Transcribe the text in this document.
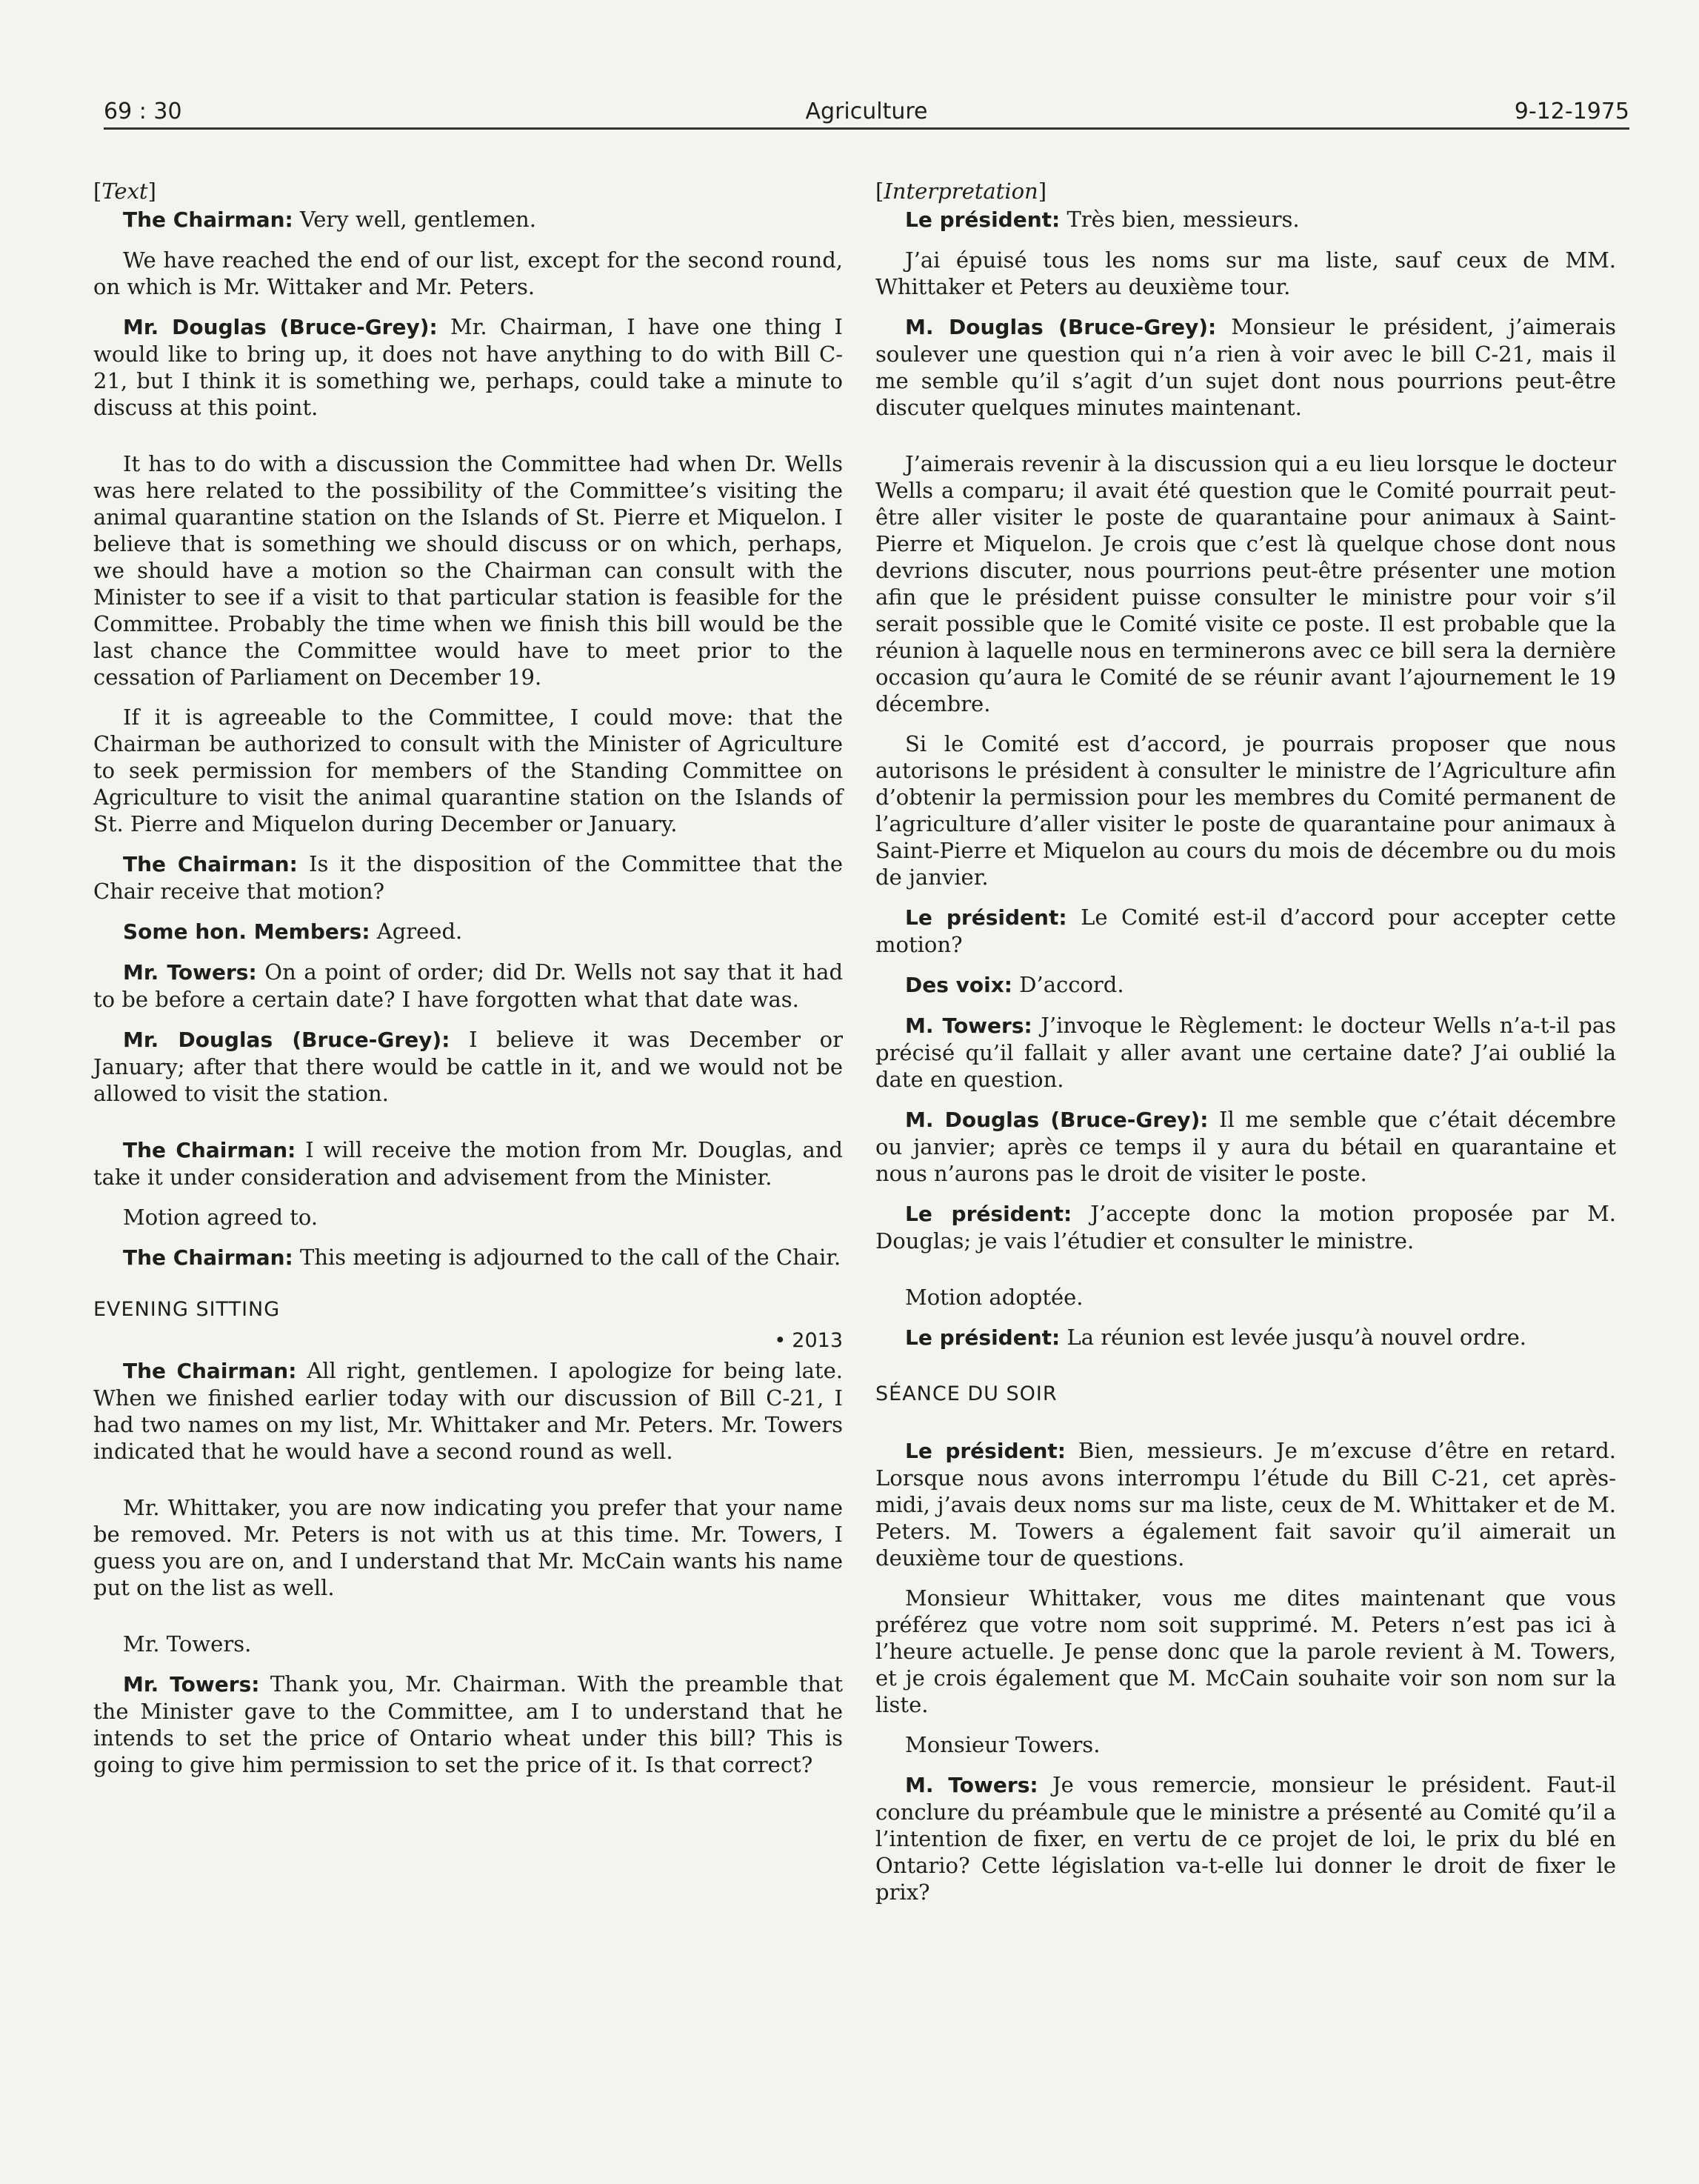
69 : 30	Agriculture	9-12-1975
[Text]

The Chairman: Very well, gentlemen.

We have reached the end of our list, except for the second round, on which is Mr. Wittaker and Mr. Peters.

Mr. Douglas (Bruce-Grey): Mr. Chairman, I have one thing I would like to bring up, it does not have anything to do with Bill C-21, but I think it is something we, perhaps, could take a minute to discuss at this point.

It has to do with a discussion the Committee had when Dr. Wells was here related to the possibility of the Committee’s visiting the animal quarantine station on the Islands of St. Pierre et Miquelon. I believe that is something we should discuss or on which, perhaps, we should have a motion so the Chairman can consult with the Minister to see if a visit to that particular station is feasible for the Committee. Probably the time when we finish this bill would be the last chance the Committee would have to meet prior to the cessation of Parliament on December 19.

If it is agreeable to the Committee, I could move: that the Chairman be authorized to consult with the Minister of Agriculture to seek permission for members of the Standing Committee on Agriculture to visit the animal quarantine station on the Islands of St. Pierre and Miquelon during December or January.

The Chairman: Is it the disposition of the Committee that the Chair receive that motion?

Some hon. Members: Agreed.

Mr. Towers: On a point of order; did Dr. Wells not say that it had to be before a certain date? I have forgotten what that date was.

Mr. Douglas (Bruce-Grey): I believe it was December or January; after that there would be cattle in it, and we would not be allowed to visit the station.

The Chairman: I will receive the motion from Mr. Douglas, and take it under consideration and advisement from the Minister.

Motion agreed to.

The Chairman: This meeting is adjourned to the call of the Chair.

EVENING SITTING
• 2013

The Chairman: All right, gentlemen. I apologize for being late. When we finished earlier today with our discussion of Bill C-21, I had two names on my list, Mr. Whittaker and Mr. Peters. Mr. Towers indicated that he would have a second round as well.

Mr. Whittaker, you are now indicating you prefer that your name be removed. Mr. Peters is not with us at this time. Mr. Towers, I guess you are on, and I understand that Mr. McCain wants his name put on the list as well.

Mr. Towers.

Mr. Towers: Thank you, Mr. Chairman. With the preamble that the Minister gave to the Committee, am I to understand that he intends to set the price of Ontario wheat under this bill? This is going to give him permission to set the price of it. Is that correct?

[Interpretation]

Le président: Très bien, messieurs.

J’ai épuisé tous les noms sur ma liste, sauf ceux de MM. Whittaker et Peters au deuxième tour.

M. Douglas (Bruce-Grey): Monsieur le président, j’aimerais soulever une question qui n’a rien à voir avec le bill C-21, mais il me semble qu’il s’agit d’un sujet dont nous pourrions peut-être discuter quelques minutes maintenant.

J’aimerais revenir à la discussion qui a eu lieu lorsque le docteur Wells a comparu; il avait été question que le Comité pourrait peut-être aller visiter le poste de quarantaine pour animaux à Saint-Pierre et Miquelon. Je crois que c’est là quelque chose dont nous devrions discuter, nous pourrions peut-être présenter une motion afin que le président puisse consulter le ministre pour voir s’il serait possible que le Comité visite ce poste. Il est probable que la réunion à laquelle nous en terminerons avec ce bill sera la dernière occasion qu’aura le Comité de se réunir avant l’ajournement le 19 décembre.

Si le Comité est d’accord, je pourrais proposer que nous autorisons le président à consulter le ministre de l’Agriculture afin d’obtenir la permission pour les membres du Comité permanent de l’agriculture d’aller visiter le poste de quarantaine pour animaux à Saint-Pierre et Miquelon au cours du mois de décembre ou du mois de janvier.

Le président: Le Comité est-il d’accord pour accepter cette motion?

Des voix: D’accord.

M. Towers: J’invoque le Règlement: le docteur Wells n’a-t-il pas précisé qu’il fallait y aller avant une certaine date? J’ai oublié la date en question.

M. Douglas (Bruce-Grey): Il me semble que c’était décembre ou janvier; après ce temps il y aura du bétail en quarantaine et nous n’aurons pas le droit de visiter le poste.

Le président: J’accepte donc la motion proposée par M. Douglas; je vais l’étudier et consulter le ministre.

Motion adoptée.

Le président: La réunion est levée jusqu’à nouvel ordre.

SÉANCE DU SOIR

Le président: Bien, messieurs. Je m’excuse d’être en retard. Lorsque nous avons interrompu l’étude du Bill C-21, cet après-midi, j’avais deux noms sur ma liste, ceux de M. Whittaker et de M. Peters. M. Towers a également fait savoir qu’il aimerait un deuxième tour de questions.

Monsieur Whittaker, vous me dites maintenant que vous préférez que votre nom soit supprimé. M. Peters n’est pas ici à l’heure actuelle. Je pense donc que la parole revient à M. Towers, et je crois également que M. McCain souhaite voir son nom sur la liste.

Monsieur Towers.

M. Towers: Je vous remercie, monsieur le président. Faut-il conclure du préambule que le ministre a présenté au Comité qu’il a l’intention de fixer, en vertu de ce projet de loi, le prix du blé en Ontario? Cette législation va-t-elle lui donner le droit de fixer le prix?
